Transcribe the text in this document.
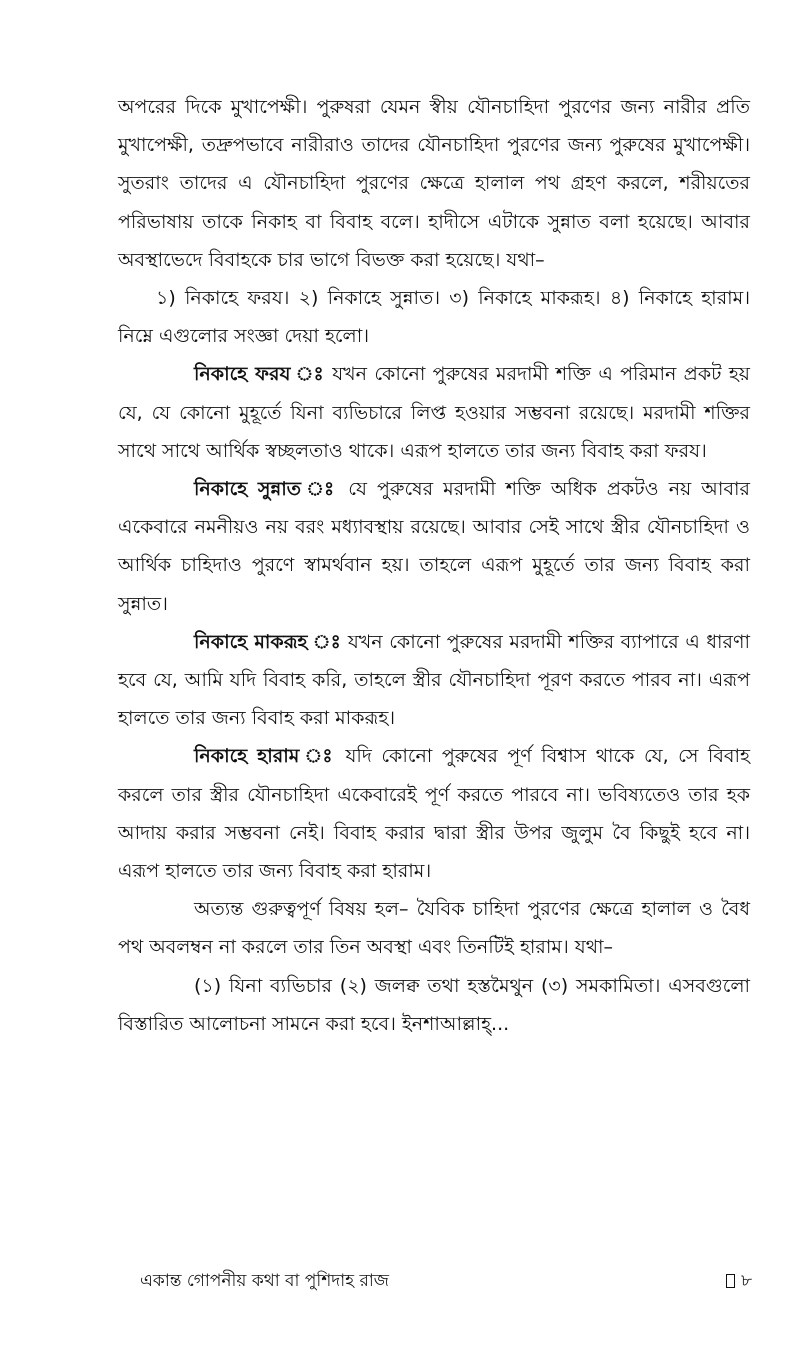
অপরের দিকে মুখাপেক্ষী। পুরুষরা যেমন স্বীয় যৌনচাহিদা পুরণের জন্য নারীর প্রতি মুখাপেক্ষী, তদ্রুপভাবে নারীরাও তাদের যৌনচাহিদা পুরণের জন্য পুরুষের মুখাপেক্ষী। সুতরাং তাদের এ যৌনচাহিদা পুরণের ক্ষেত্রে হালাল পথ গ্রহণ করলে, শরীয়তের পরিভাষায় তাকে নিকাহ বা বিবাহ বলে। হাদীসে এটাকে সুন্নাত বলা হয়েছে। আবার অবস্থাভেদে বিবাহকে চার ভাগে বিভক্ত করা হয়েছে। যথা–

১) নিকাহে ফরয। ২) নিকাহে সুন্নাত। ৩) নিকাহে মাকরূহ। ৪) নিকাহে হারাম। নিম্নে এগুলোর সংজ্ঞা দেয়া হলো।

নিকাহে ফরয ঃ যখন কোনো পুরুষের মরদামী শক্তি এ পরিমান প্রকট হয় যে, যে কোনো মুহূর্তে যিনা ব্যভিচারে লিপ্ত হওয়ার সম্ভবনা রয়েছে। মরদামী শক্তির সাথে সাথে আর্থিক স্বচ্ছলতাও থাকে। এরূপ হালতে তার জন্য বিবাহ করা ফরয।

নিকাহে সুন্নাত ঃ যে পুরুষের মরদামী শক্তি অধিক প্রকটও নয় আবার একেবারে নমনীয়ও নয় বরং মধ্যাবস্থায় রয়েছে। আবার সেই সাথে স্ত্রীর যৌনচাহিদা ও আর্থিক চাহিদাও পুরণে স্বামর্থবান হয়। তাহলে এরূপ মুহূর্তে তার জন্য বিবাহ করা সুন্নাত।

নিকাহে মাকরূহ ঃ যখন কোনো পুরুষের মরদামী শক্তির ব্যাপারে এ ধারণা হবে যে, আমি যদি বিবাহ করি, তাহলে স্ত্রীর যৌনচাহিদা পূরণ করতে পারব না। এরূপ হালতে তার জন্য বিবাহ করা মাকরূহ।

নিকাহে হারাম ঃ যদি কোনো পুরুষের পূর্ণ বিশ্বাস থাকে যে, সে বিবাহ করলে তার স্ত্রীর যৌনচাহিদা একেবারেই পূর্ণ করতে পারবে না। ভবিষ্যতেও তার হক আদায় করার সম্ভবনা নেই। বিবাহ করার দ্বারা স্ত্রীর উপর জুলুম বৈ কিছুই হবে না। এরূপ হালতে তার জন্য বিবাহ করা হারাম।

অত্যন্ত গুরুত্বপূর্ণ বিষয় হল– যৈবিক চাহিদা পুরণের ক্ষেত্রে হালাল ও বৈধ পথ অবলম্বন না করলে তার তিন অবস্থা এবং তিনটিই হারাম। যথা–

(১) যিনা ব্যভিচার (২) জলক্ব তথা হস্তমৈথুন (৩) সমকামিতা। এসবগুলো বিস্তারিত আলোচনা সামনে করা হবে। ইনশাআল্লাহ্...

একান্ত গোপনীয় কথা বা পুশিদাহ রাজ	৮
